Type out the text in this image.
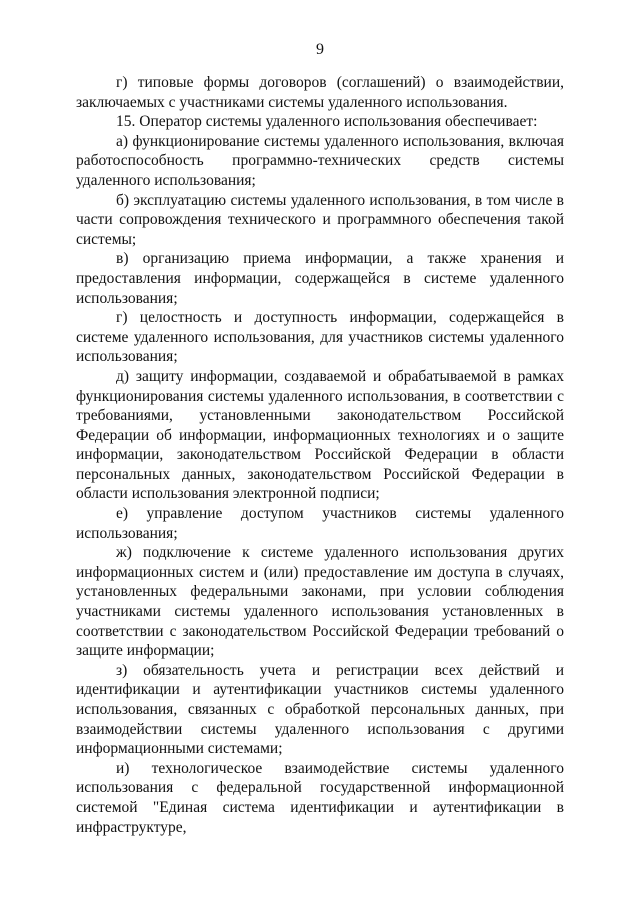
9

г) типовые формы договоров (соглашений) о взаимодействии, заключаемых с участниками системы удаленного использования.

15. Оператор системы удаленного использования обеспечивает:

а) функционирование системы удаленного использования, включая работоспособность программно-технических средств системы удаленного использования;

б) эксплуатацию системы удаленного использования, в том числе в части сопровождения технического и программного обеспечения такой системы;

в) организацию приема информации, а также хранения и предоставления информации, содержащейся в системе удаленного использования;

г) целостность и доступность информации, содержащейся в системе удаленного использования, для участников системы удаленного использования;

д) защиту информации, создаваемой и обрабатываемой в рамках функционирования системы удаленного использования, в соответствии с требованиями, установленными законодательством Российской Федерации об информации, информационных технологиях и о защите информации, законодательством Российской Федерации в области персональных данных, законодательством Российской Федерации в области использования электронной подписи;

е) управление доступом участников системы удаленного использования;

ж) подключение к системе удаленного использования других информационных систем и (или) предоставление им доступа в случаях, установленных федеральными законами, при условии соблюдения участниками системы удаленного использования установленных в соответствии с законодательством Российской Федерации требований о защите информации;

з) обязательность учета и регистрации всех действий и идентификации и аутентификации участников системы удаленного использования, связанных с обработкой персональных данных, при взаимодействии системы удаленного использования с другими информационными системами;

и) технологическое взаимодействие системы удаленного использования с федеральной государственной информационной системой "Единая система идентификации и аутентификации в инфраструктуре,
